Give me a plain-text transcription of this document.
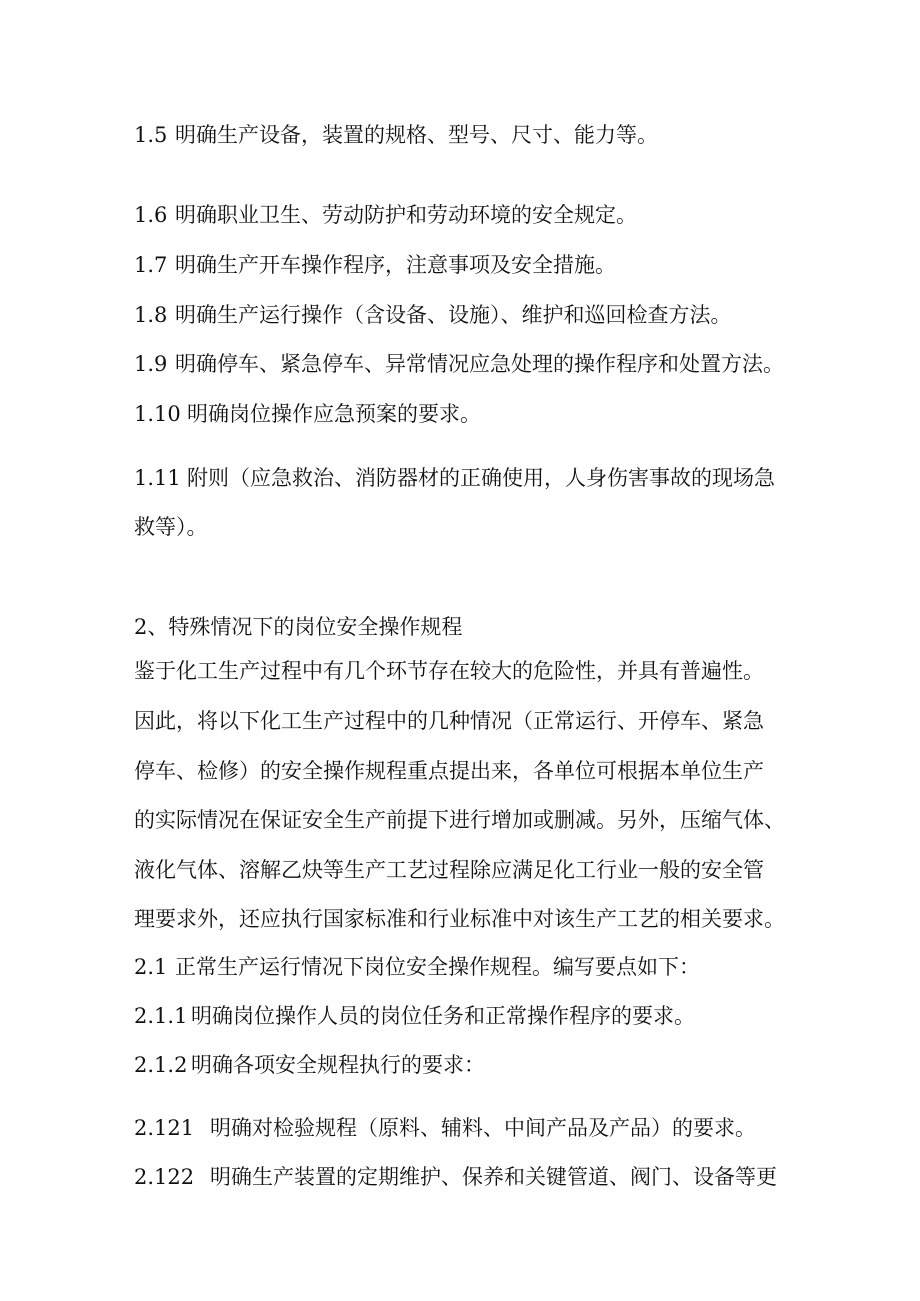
1.5 明确生产设备，装置的规格、型号、尺寸、能力等。
1.6 明确职业卫生、劳动防护和劳动环境的安全规定。
1.7 明确生产开车操作程序，注意事项及安全措施。
1.8 明确生产运行操作（含设备、设施）、维护和巡回检查方法。
1.9 明确停车、紧急停车、异常情况应急处理的操作程序和处置方法。
1.10 明确岗位操作应急预案的要求。
1.11 附则（应急救治、消防器材的正确使用，人身伤害事故的现场急
救等）。
2、特殊情况下的岗位安全操作规程
鉴于化工生产过程中有几个环节存在较大的危险性，并具有普遍性。
因此，将以下化工生产过程中的几种情况（正常运行、开停车、紧急
停车、检修）的安全操作规程重点提出来，各单位可根据本单位生产
的实际情况在保证安全生产前提下进行增加或删减。另外，压缩气体、
液化气体、溶解乙炔等生产工艺过程除应满足化工行业一般的安全管
理要求外，还应执行国家标准和行业标准中对该生产工艺的相关要求。
2.1 正常生产运行情况下岗位安全操作规程。编写要点如下：
2.1.1 明确岗位操作人员的岗位任务和正常操作程序的要求。
2.1.2 明确各项安全规程执行的要求：
2.121 明确对检验规程（原料、辅料、中间产品及产品）的要求。
2.122 明确生产装置的定期维护、保养和关键管道、阀门、设备等更
